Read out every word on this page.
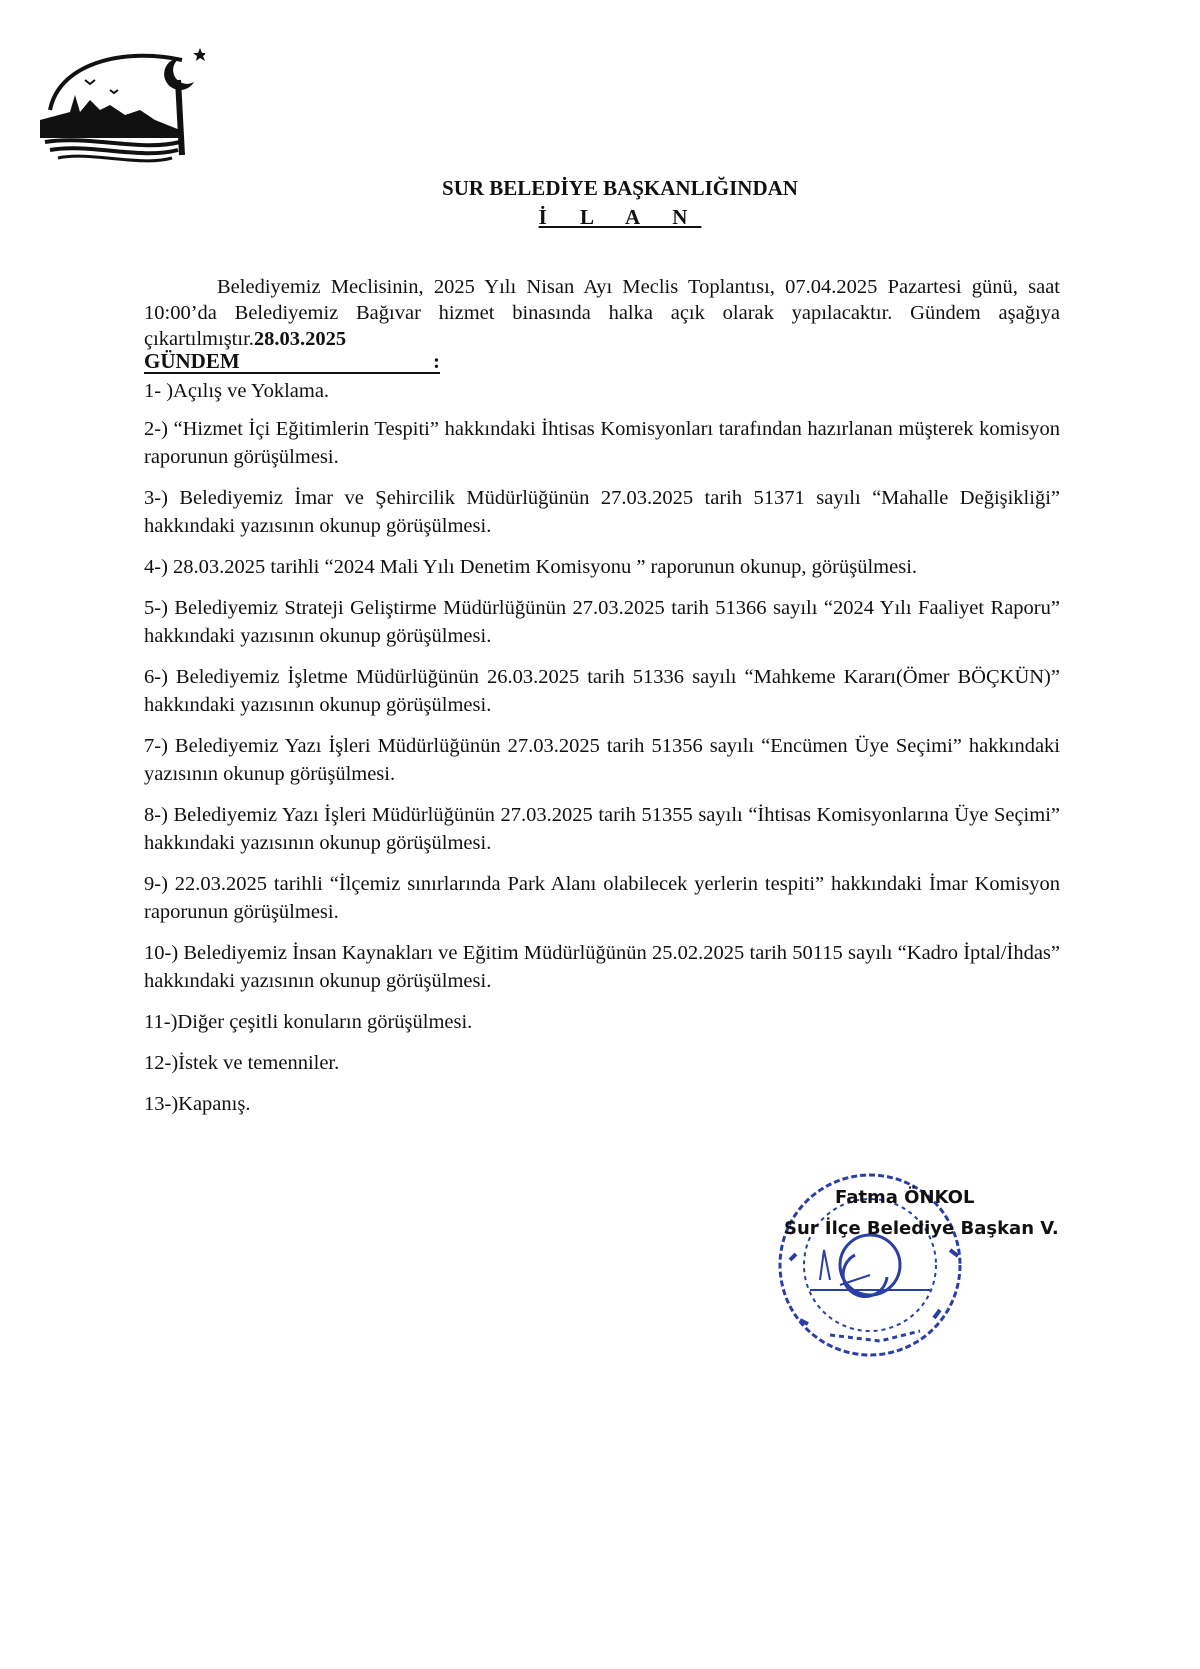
SUR BELEDİYE BAŞKANLIĞINDAN
İ L A N
Belediyemiz Meclisinin, 2025 Yılı Nisan Ayı Meclis Toplantısı, 07.04.2025 Pazartesi günü, saat 10:00’da Belediyemiz Bağıvar hizmet binasında halka açık olarak yapılacaktır. Gündem aşağıya çıkartılmıştır.28.03.2025
GÜNDEM	:

1- )Açılış ve Yoklama.

2-) “Hizmet İçi Eğitimlerin Tespiti” hakkındaki İhtisas Komisyonları tarafından hazırlanan müşterek komisyon raporunun görüşülmesi.

3-) Belediyemiz İmar ve Şehircilik Müdürlüğünün 27.03.2025 tarih 51371 sayılı “Mahalle Değişikliği” hakkındaki yazısının okunup görüşülmesi.

4-) 28.03.2025 tarihli “2024 Mali Yılı Denetim Komisyonu ” raporunun okunup, görüşülmesi.

5-) Belediyemiz Strateji Geliştirme Müdürlüğünün 27.03.2025 tarih 51366 sayılı “2024 Yılı Faaliyet Raporu” hakkındaki yazısının okunup görüşülmesi.

6-) Belediyemiz İşletme Müdürlüğünün 26.03.2025 tarih 51336 sayılı “Mahkeme Kararı(Ömer BÖÇKÜN)” hakkındaki yazısının okunup görüşülmesi.

7-) Belediyemiz Yazı İşleri Müdürlüğünün 27.03.2025 tarih 51356 sayılı “Encümen Üye Seçimi” hakkındaki yazısının okunup görüşülmesi.

8-) Belediyemiz Yazı İşleri Müdürlüğünün 27.03.2025 tarih 51355 sayılı “İhtisas Komisyonlarına Üye Seçimi” hakkındaki yazısının okunup görüşülmesi.

9-) 22.03.2025 tarihli “İlçemiz sınırlarında Park Alanı olabilecek yerlerin tespiti” hakkındaki İmar Komisyon raporunun görüşülmesi.

10-) Belediyemiz İnsan Kaynakları ve Eğitim Müdürlüğünün 25.02.2025 tarih 50115 sayılı “Kadro İptal/İhdas” hakkındaki yazısının okunup görüşülmesi.

11-)Diğer çeşitli konuların görüşülmesi.

12-)İstek ve temenniler.

13-)Kapanış.

Fatma ÖNKOL
Sur İlçe Belediye Başkan V.
